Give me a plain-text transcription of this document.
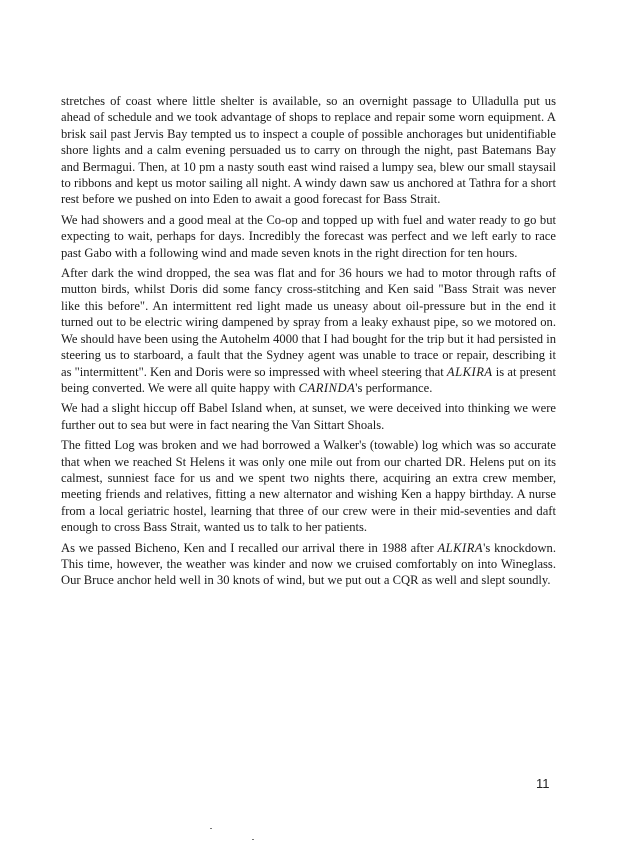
stretches of coast where little shelter is available, so an overnight passage to Ulladulla put us ahead of schedule and we took advantage of shops to replace and repair some worn equipment. A brisk sail past Jervis Bay tempted us to inspect a couple of possible anchorages but unidentifiable shore lights and a calm evening persuaded us to carry on through the night, past Batemans Bay and Bermagui. Then, at 10 pm a nasty south east wind raised a lumpy sea, blew our small staysail to ribbons and kept us motor sailing all night. A windy dawn saw us anchored at Tathra for a short rest before we pushed on into Eden to await a good forecast for Bass Strait.

We had showers and a good meal at the Co-op and topped up with fuel and water ready to go but expecting to wait, perhaps for days. Incredibly the forecast was perfect and we left early to race past Gabo with a following wind and made seven knots in the right direction for ten hours.

After dark the wind dropped, the sea was flat and for 36 hours we had to motor through rafts of mutton birds, whilst Doris did some fancy cross-stitching and Ken said "Bass Strait was never like this before". An intermittent red light made us uneasy about oil-pressure but in the end it turned out to be electric wiring dampened by spray from a leaky exhaust pipe, so we motored on. We should have been using the Autohelm 4000 that I had bought for the trip but it had persisted in steering us to starboard, a fault that the Sydney agent was unable to trace or repair, describing it as "intermittent". Ken and Doris were so impressed with wheel steering that ALKIRA is at present being converted. We were all quite happy with CARINDA's performance.

We had a slight hiccup off Babel Island when, at sunset, we were deceived into thinking we were further out to sea but were in fact nearing the Van Sittart Shoals.

The fitted Log was broken and we had borrowed a Walker's (towable) log which was so accurate that when we reached St Helens it was only one mile out from our charted DR. Helens put on its calmest, sunniest face for us and we spent two nights there, acquiring an extra crew member, meeting friends and relatives, fitting a new alternator and wishing Ken a happy birthday. A nurse from a local geriatric hostel, learning that three of our crew were in their mid-seventies and daft enough to cross Bass Strait, wanted us to talk to her patients.

As we passed Bicheno, Ken and I recalled our arrival there in 1988 after ALKIRA's knockdown. This time, however, the weather was kinder and now we cruised comfortably on into Wineglass. Our Bruce anchor held well in 30 knots of wind, but we put out a CQR as well and slept soundly.

11
